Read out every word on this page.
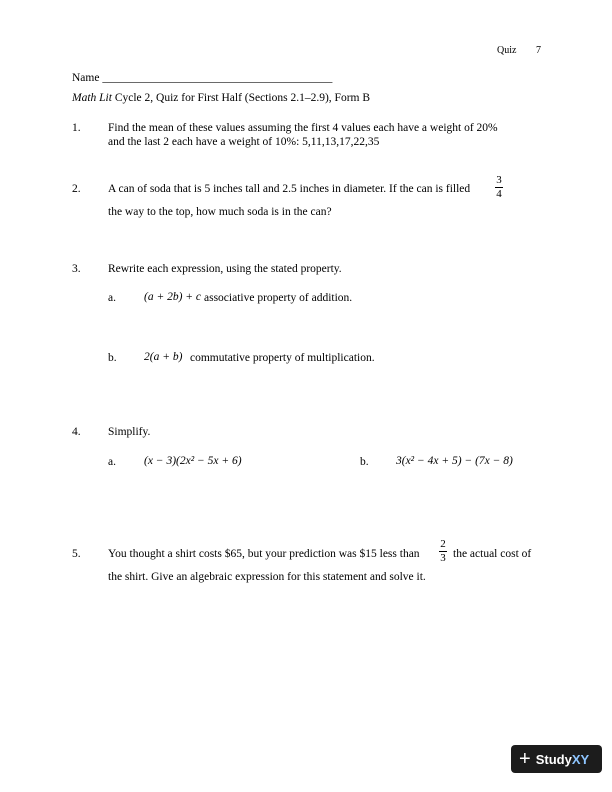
Quiz 7
Name ________________________________________
Math Lit Cycle 2, Quiz for First Half (Sections 2.1–2.9), Form B
1. Find the mean of these values assuming the first 4 values each have a weight of 20%
and the last 2 each have a weight of 10%: 5,11,13,17,22,35
2. A can of soda that is 5 inches tall and 2.5 inches in diameter. If the can is filled
3
4
the way to the top, how much soda is in the can?
3. Rewrite each expression, using the stated property.
a. (a + 2b) + c associative property of addition.
b. 2(a + b) commutative property of multiplication.
4. Simplify.
a. (x − 3)(2x² − 5x + 6)	b. 3(x² − 4x + 5) − (7x − 8)
5. You thought a shirt costs $65, but your prediction was $15 less than
2
3 the actual cost of
the shirt. Give an algebraic expression for this statement and solve it.
+ Study XY
